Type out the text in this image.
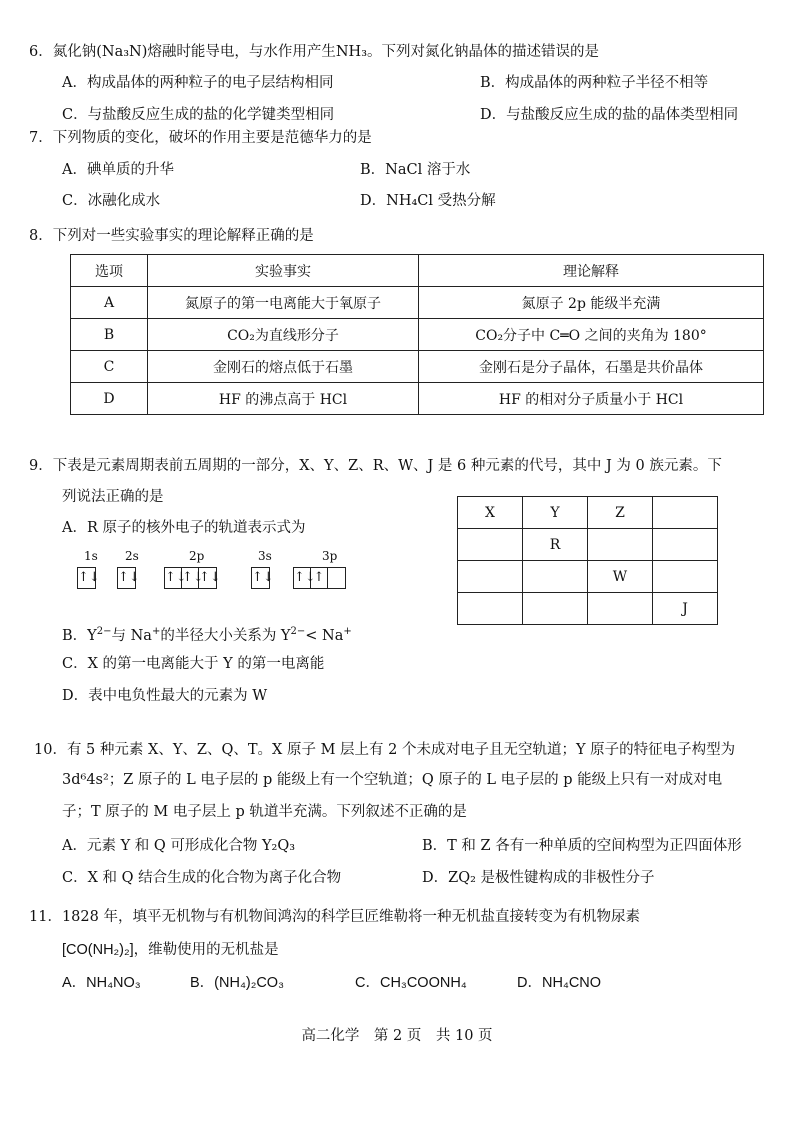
6．氮化钠(Na₃N)熔融时能导电，与水作用产生NH₃。下列对氮化钠晶体的描述错误的是
A．构成晶体的两种粒子的电子层结构相同	B．构成晶体的两种粒子半径不相等
C．与盐酸反应生成的盐的化学键类型相同	D．与盐酸反应生成的盐的晶体类型相同
7．下列物质的变化，破坏的作用主要是范德华力的是
A．碘单质的升华	B．NaCl 溶于水
C．冰融化成水	D．NH₄Cl 受热分解
8．下列对一些实验事实的理论解释正确的是
选项	实验事实	理论解释
A	氮原子的第一电离能大于氧原子	氮原子 2p 能级半充满
B	CO₂为直线形分子	CO₂分子中 C═O 之间的夹角为 180°
C	金刚石的熔点低于石墨	金刚石是分子晶体，石墨是共价晶体
D	HF 的沸点高于 HCl	HF 的相对分子质量小于 HCl
9．下表是元素周期表前五周期的一部分，X、Y、Z、R、W、J 是 6 种元素的代号，其中 J 为 0 族元素。下
列说法正确的是
A．R 原子的核外电子的轨道表示式为
1s 2s	2p	3s	3p
↑↓ ↑↓ ↑↓
↑↓
↑↓ ↑↓ ↑↓
↑
B．$Y^{2-}$与 Na+的半径大小关系为 $Y^{2-}< Na^+$
C．X 的第一电离能大于 Y 的第一电离能
D．表中电负性最大的元素为 W
X	Y	Z	
	R		
		W	
			J
10．有 5 种元素 X、Y、Z、Q、T。X 原子 M 层上有 2 个未成对电子且无空轨道；Y 原子的特征电子构型为
3d⁶4s²；Z 原子的 L 电子层的 p 能级上有一个空轨道；Q 原子的 L 电子层的 p 能级上只有一对成对电
子；T 原子的 M 电子层上 p 轨道半充满。下列叙述不正确的是
A．元素 Y 和 Q 可形成化合物 Y₂Q₃	B．T 和 Z 各有一种单质的空间构型为正四面体形
C．X 和 Q 结合生成的化合物为离子化合物	D．ZQ₂ 是极性键构成的非极性分子
11．1828 年，填平无机物与有机物间鸿沟的科学巨匠维勒将一种无机盐直接转变为有机物尿素
[CO(NH₂)₂]，维勒使用的无机盐是
A．NH₄NO₃	B．(NH₄)₂CO₃	C．CH₃COONH₄	D．NH₄CNO
高二化学　第 2 页　共 10 页
